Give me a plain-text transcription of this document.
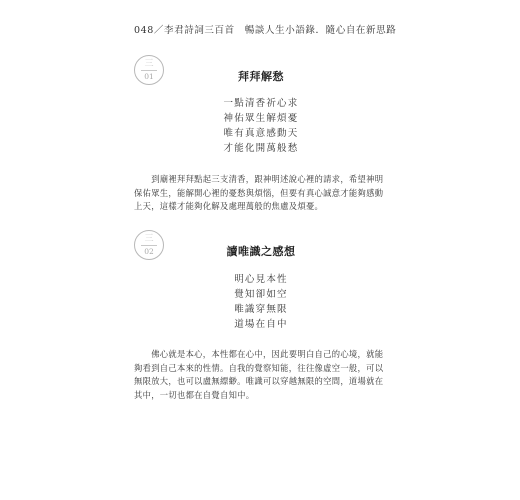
048／李君詩詞三百首　暢談人生小語錄．隨心自在新思路
三
01	拜拜解愁
一點清香祈心求
神佑眾生解煩憂
唯有真意感動天
才能化開萬般愁
　　到廟裡拜拜點起三支清香，跟神明述說心裡的請求，希望神明
保佑眾生，能解開心裡的憂愁與煩惱，但要有真心誠意才能夠感動
上天，這樣才能夠化解及處理萬般的焦慮及煩憂。
三
02	讀唯識之感想
明心見本性
覺知卻如空
唯識穿無限
道場在自中
　　佛心就是本心，本性都在心中，因此要明白自己的心境，就能
夠看到自己本來的性情。自我的覺察知能，往往像虛空一般，可以
無限放大，也可以盧無縹緲。唯識可以穿越無限的空間，道場就在
其中，一切也都在自覺自知中。
